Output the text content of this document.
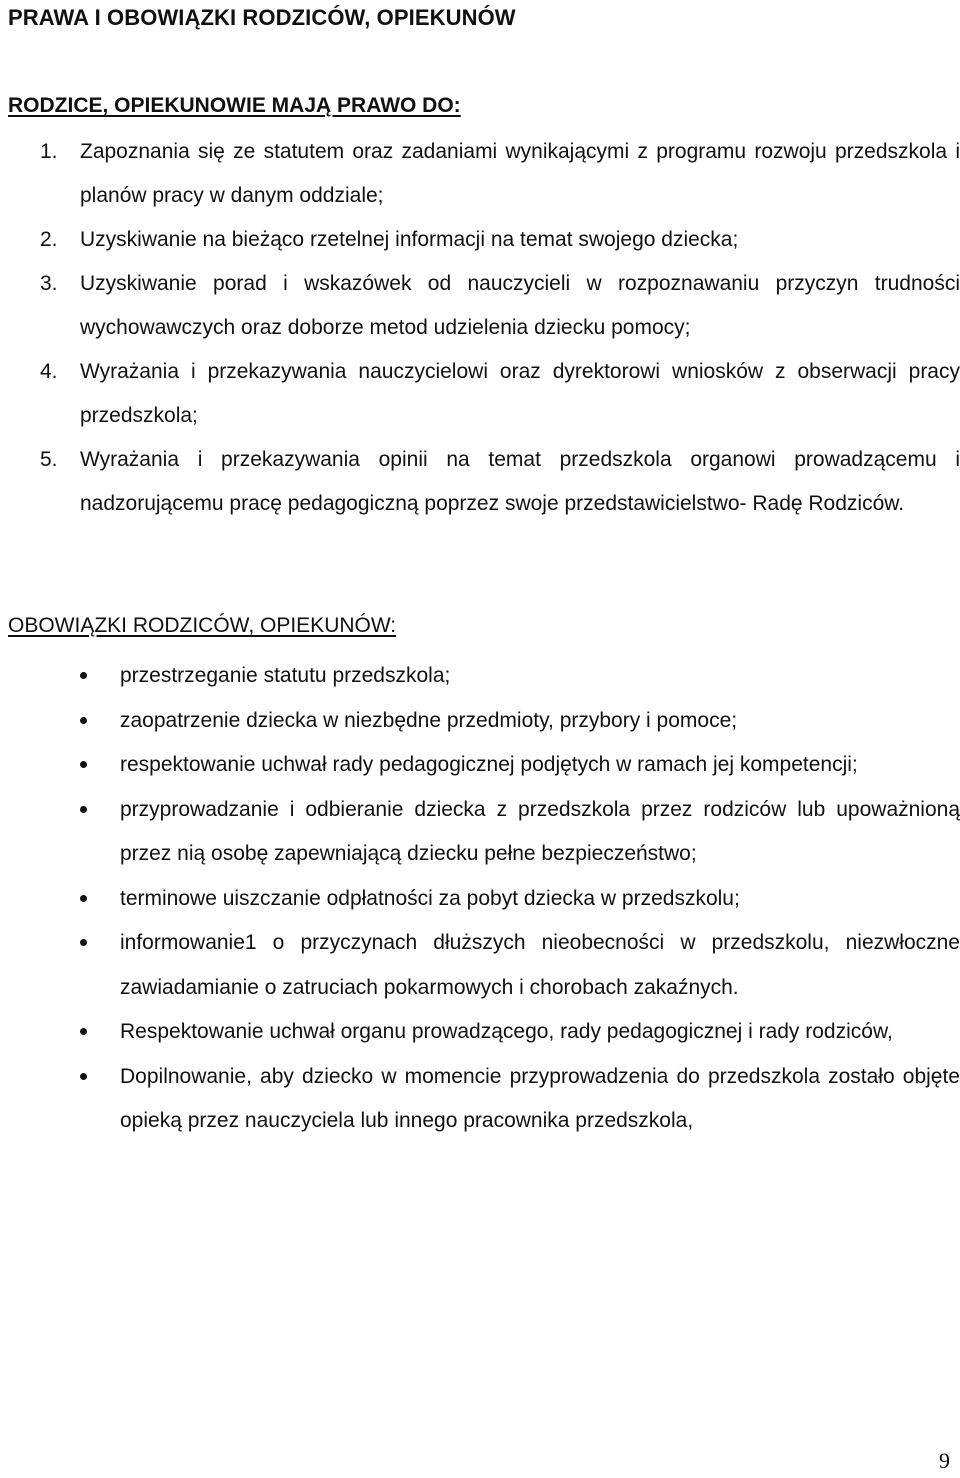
PRAWA I OBOWIĄZKI RODZICÓW, OPIEKUNÓW
RODZICE, OPIEKUNOWIE MAJĄ PRAWO DO:
1. Zapoznania się ze statutem oraz zadaniami wynikającymi z programu rozwoju przedszkola i planów pracy w danym oddziale;
2. Uzyskiwanie na bieżąco rzetelnej informacji na temat swojego dziecka;
3. Uzyskiwanie porad i wskazówek od nauczycieli w rozpoznawaniu przyczyn trudności wychowawczych oraz doborze metod udzielenia dziecku pomocy;
4. Wyrażania i przekazywania nauczycielowi oraz dyrektorowi wniosków z obserwacji pracy przedszkola;
5. Wyrażania i przekazywania opinii na temat przedszkola organowi prowadzącemu i nadzorującemu pracę pedagogiczną poprzez swoje przedstawicielstwo- Radę Rodziców.
OBOWIĄZKI RODZICÓW, OPIEKUNÓW:
przestrzeganie statutu przedszkola;
zaopatrzenie dziecka w niezbędne przedmioty, przybory i pomoce;
respektowanie uchwał rady pedagogicznej podjętych w ramach jej kompetencji;
przyprowadzanie i odbieranie dziecka z przedszkola przez rodziców lub upoważnioną przez nią osobę zapewniającą dziecku pełne bezpieczeństwo;
terminowe uiszczanie odpłatności za pobyt dziecka w przedszkolu;
informowanie1 o przyczynach dłuższych nieobecności w przedszkolu, niezwłoczne zawiadamianie o zatruciach pokarmowych i chorobach zakaźnych.
Respektowanie uchwał organu prowadzącego, rady pedagogicznej i rady rodziców,
Dopilnowanie, aby dziecko w momencie przyprowadzenia do przedszkola zostało objęte opieką przez nauczyciela lub innego pracownika przedszkola,

9
